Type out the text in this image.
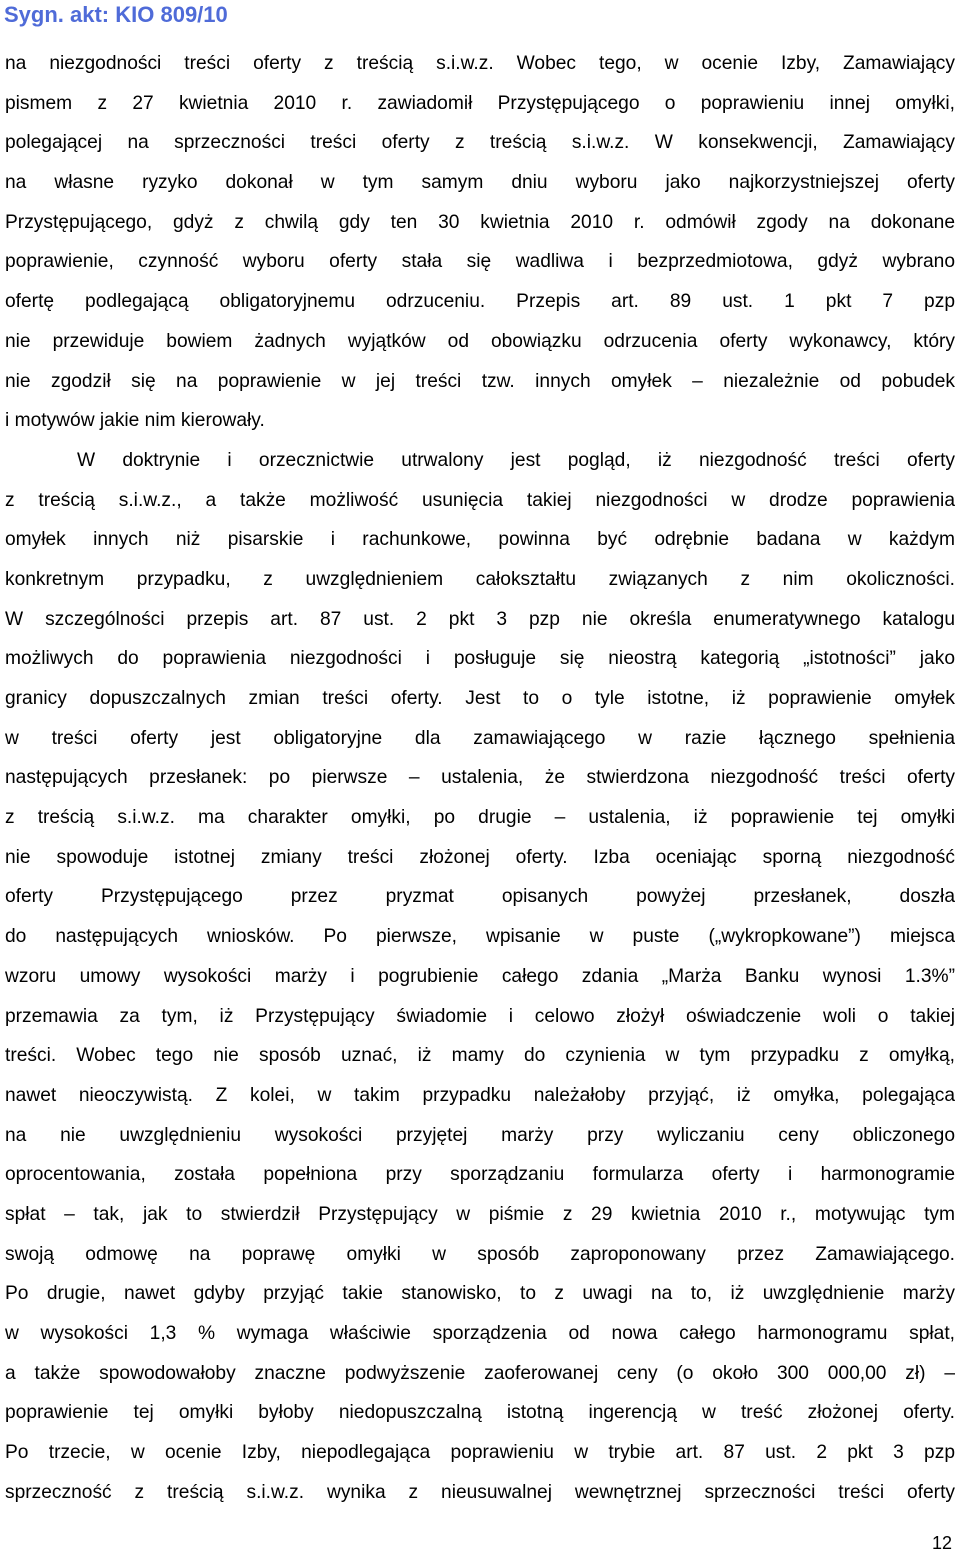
Sygn. akt: KIO 809/10
na niezgodności treści oferty z treścią s.i.w.z. Wobec tego, w ocenie Izby, Zamawiający
pismem z 27 kwietnia 2010 r. zawiadomił Przystępującego o poprawieniu innej omyłki,
polegającej na sprzeczności treści oferty z treścią s.i.w.z. W konsekwencji, Zamawiający
na własne ryzyko dokonał w tym samym dniu wyboru jako najkorzystniejszej oferty
Przystępującego, gdyż z chwilą gdy ten 30 kwietnia 2010 r. odmówił zgody na dokonane
poprawienie, czynność wyboru oferty stała się wadliwa i bezprzedmiotowa, gdyż wybrano
ofertę podlegającą obligatoryjnemu odrzuceniu. Przepis art. 89 ust. 1 pkt 7 pzp
nie przewiduje bowiem żadnych wyjątków od obowiązku odrzucenia oferty wykonawcy, który
nie zgodził się na poprawienie w jej treści tzw. innych omyłek – niezależnie od pobudek
i motywów jakie nim kierowały.
W doktrynie i orzecznictwie utrwalony jest pogląd, iż niezgodność treści oferty
z treścią s.i.w.z., a także możliwość usunięcia takiej niezgodności w drodze poprawienia
omyłek innych niż pisarskie i rachunkowe, powinna być odrębnie badana w każdym
konkretnym przypadku, z uwzględnieniem całokształtu związanych z nim okoliczności.
W szczególności przepis art. 87 ust. 2 pkt 3 pzp nie określa enumeratywnego katalogu
możliwych do poprawienia niezgodności i posługuje się nieostrą kategorią „istotności” jako
granicy dopuszczalnych zmian treści oferty. Jest to o tyle istotne, iż poprawienie omyłek
w treści oferty jest obligatoryjne dla zamawiającego w razie łącznego spełnienia
następujących przesłanek: po pierwsze – ustalenia, że stwierdzona niezgodność treści oferty
z treścią s.i.w.z. ma charakter omyłki, po drugie – ustalenia, iż poprawienie tej omyłki
nie spowoduje istotnej zmiany treści złożonej oferty. Izba oceniając sporną niezgodność
oferty Przystępującego przez pryzmat opisanych powyżej przesłanek, doszła
do następujących wniosków. Po pierwsze, wpisanie w puste („wykropkowane”) miejsca
wzoru umowy wysokości marży i pogrubienie całego zdania „Marża Banku wynosi 1.3%”
przemawia za tym, iż Przystępujący świadomie i celowo złożył oświadczenie woli o takiej
treści. Wobec tego nie sposób uznać, iż mamy do czynienia w tym przypadku z omyłką,
nawet nieoczywistą. Z kolei, w takim przypadku należałoby przyjąć, iż omyłka, polegająca
na nie uwzględnieniu wysokości przyjętej marży przy wyliczaniu ceny obliczonego
oprocentowania, została popełniona przy sporządzaniu formularza oferty i harmonogramie
spłat – tak, jak to stwierdził Przystępujący w piśmie z 29 kwietnia 2010 r., motywując tym
swoją odmowę na poprawę omyłki w sposób zaproponowany przez Zamawiającego.
Po drugie, nawet gdyby przyjąć takie stanowisko, to z uwagi na to, iż uwzględnienie marży
w wysokości 1,3 % wymaga właściwie sporządzenia od nowa całego harmonogramu spłat,
a także spowodowałoby znaczne podwyższenie zaoferowanej ceny (o około 300 000,00 zł) –
poprawienie tej omyłki byłoby niedopuszczalną istotną ingerencją w treść złożonej oferty.
Po trzecie, w ocenie Izby, niepodlegająca poprawieniu w trybie art. 87 ust. 2 pkt 3 pzp
sprzeczność z treścią s.i.w.z. wynika z nieusuwalnej wewnętrznej sprzeczności treści oferty
12
